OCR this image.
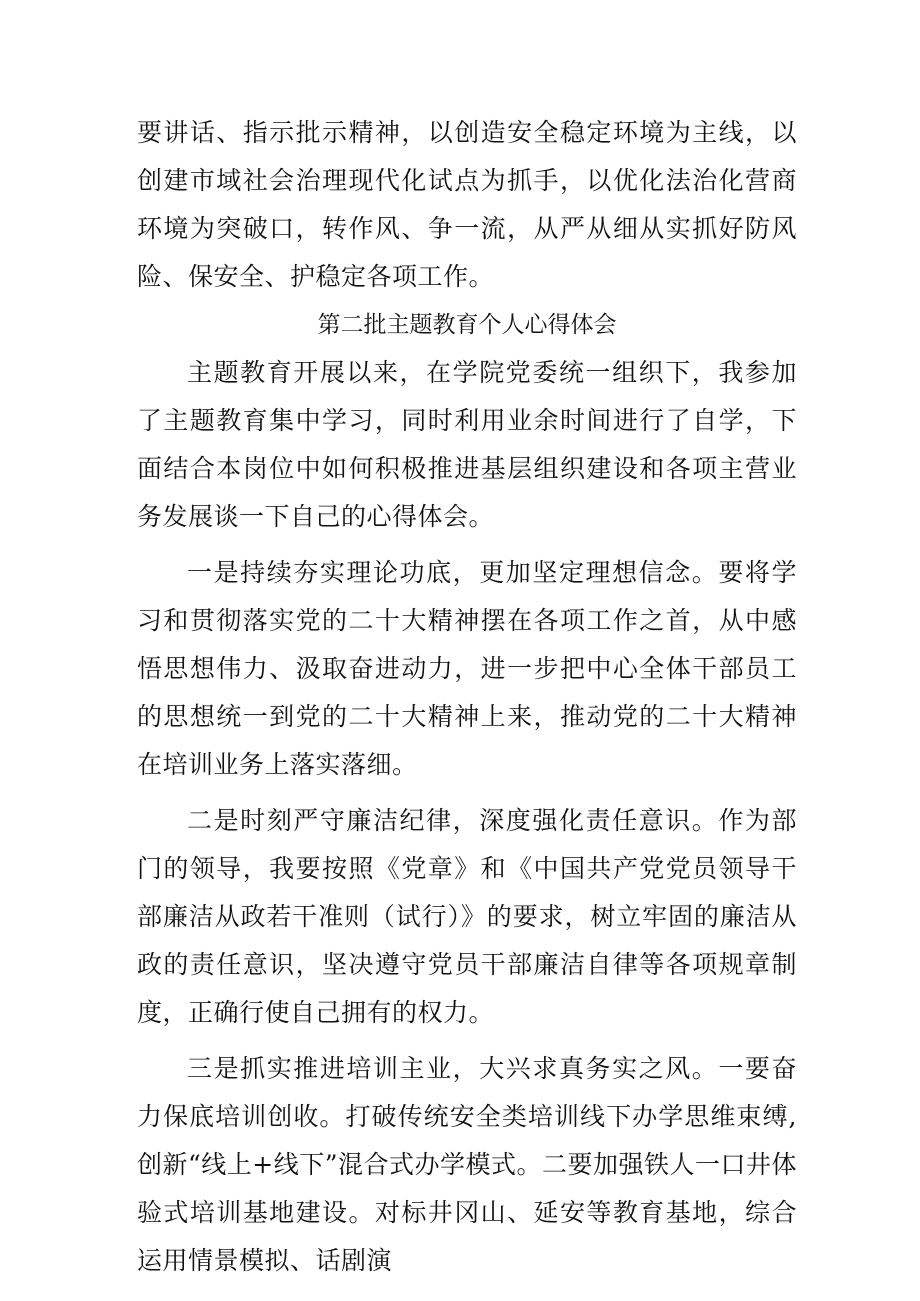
要讲话、指示批示精神，以创造安全稳定环境为主线，以创建市域社会治理现代化试点为抓手，以优化法治化营商环境为突破口，转作风、争一流，从严从细从实抓好防风险、保安全、护稳定各项工作。

第二批主题教育个人心得体会

主题教育开展以来，在学院党委统一组织下，我参加了主题教育集中学习，同时利用业余时间进行了自学，下面结合本岗位中如何积极推进基层组织建设和各项主营业务发展谈一下自己的心得体会。

一是持续夯实理论功底，更加坚定理想信念。要将学习和贯彻落实党的二十大精神摆在各项工作之首，从中感悟思想伟力、汲取奋进动力，进一步把中心全体干部员工的思想统一到党的二十大精神上来，推动党的二十大精神在培训业务上落实落细。

二是时刻严守廉洁纪律，深度强化责任意识。作为部门的领导，我要按照《党章》和《中国共产党党员领导干部廉洁从政若干准则（试行）》的要求，树立牢固的廉洁从政的责任意识，坚决遵守党员干部廉洁自律等各项规章制度，正确行使自己拥有的权力。

三是抓实推进培训主业，大兴求真务实之风。一要奋力保底培训创收。打破传统安全类培训线下办学思维束缚,创新“线上+线下”混合式办学模式。二要加强铁人一口井体验式培训基地建设。对标井冈山、延安等教育基地，综合运用情景模拟、话剧演
